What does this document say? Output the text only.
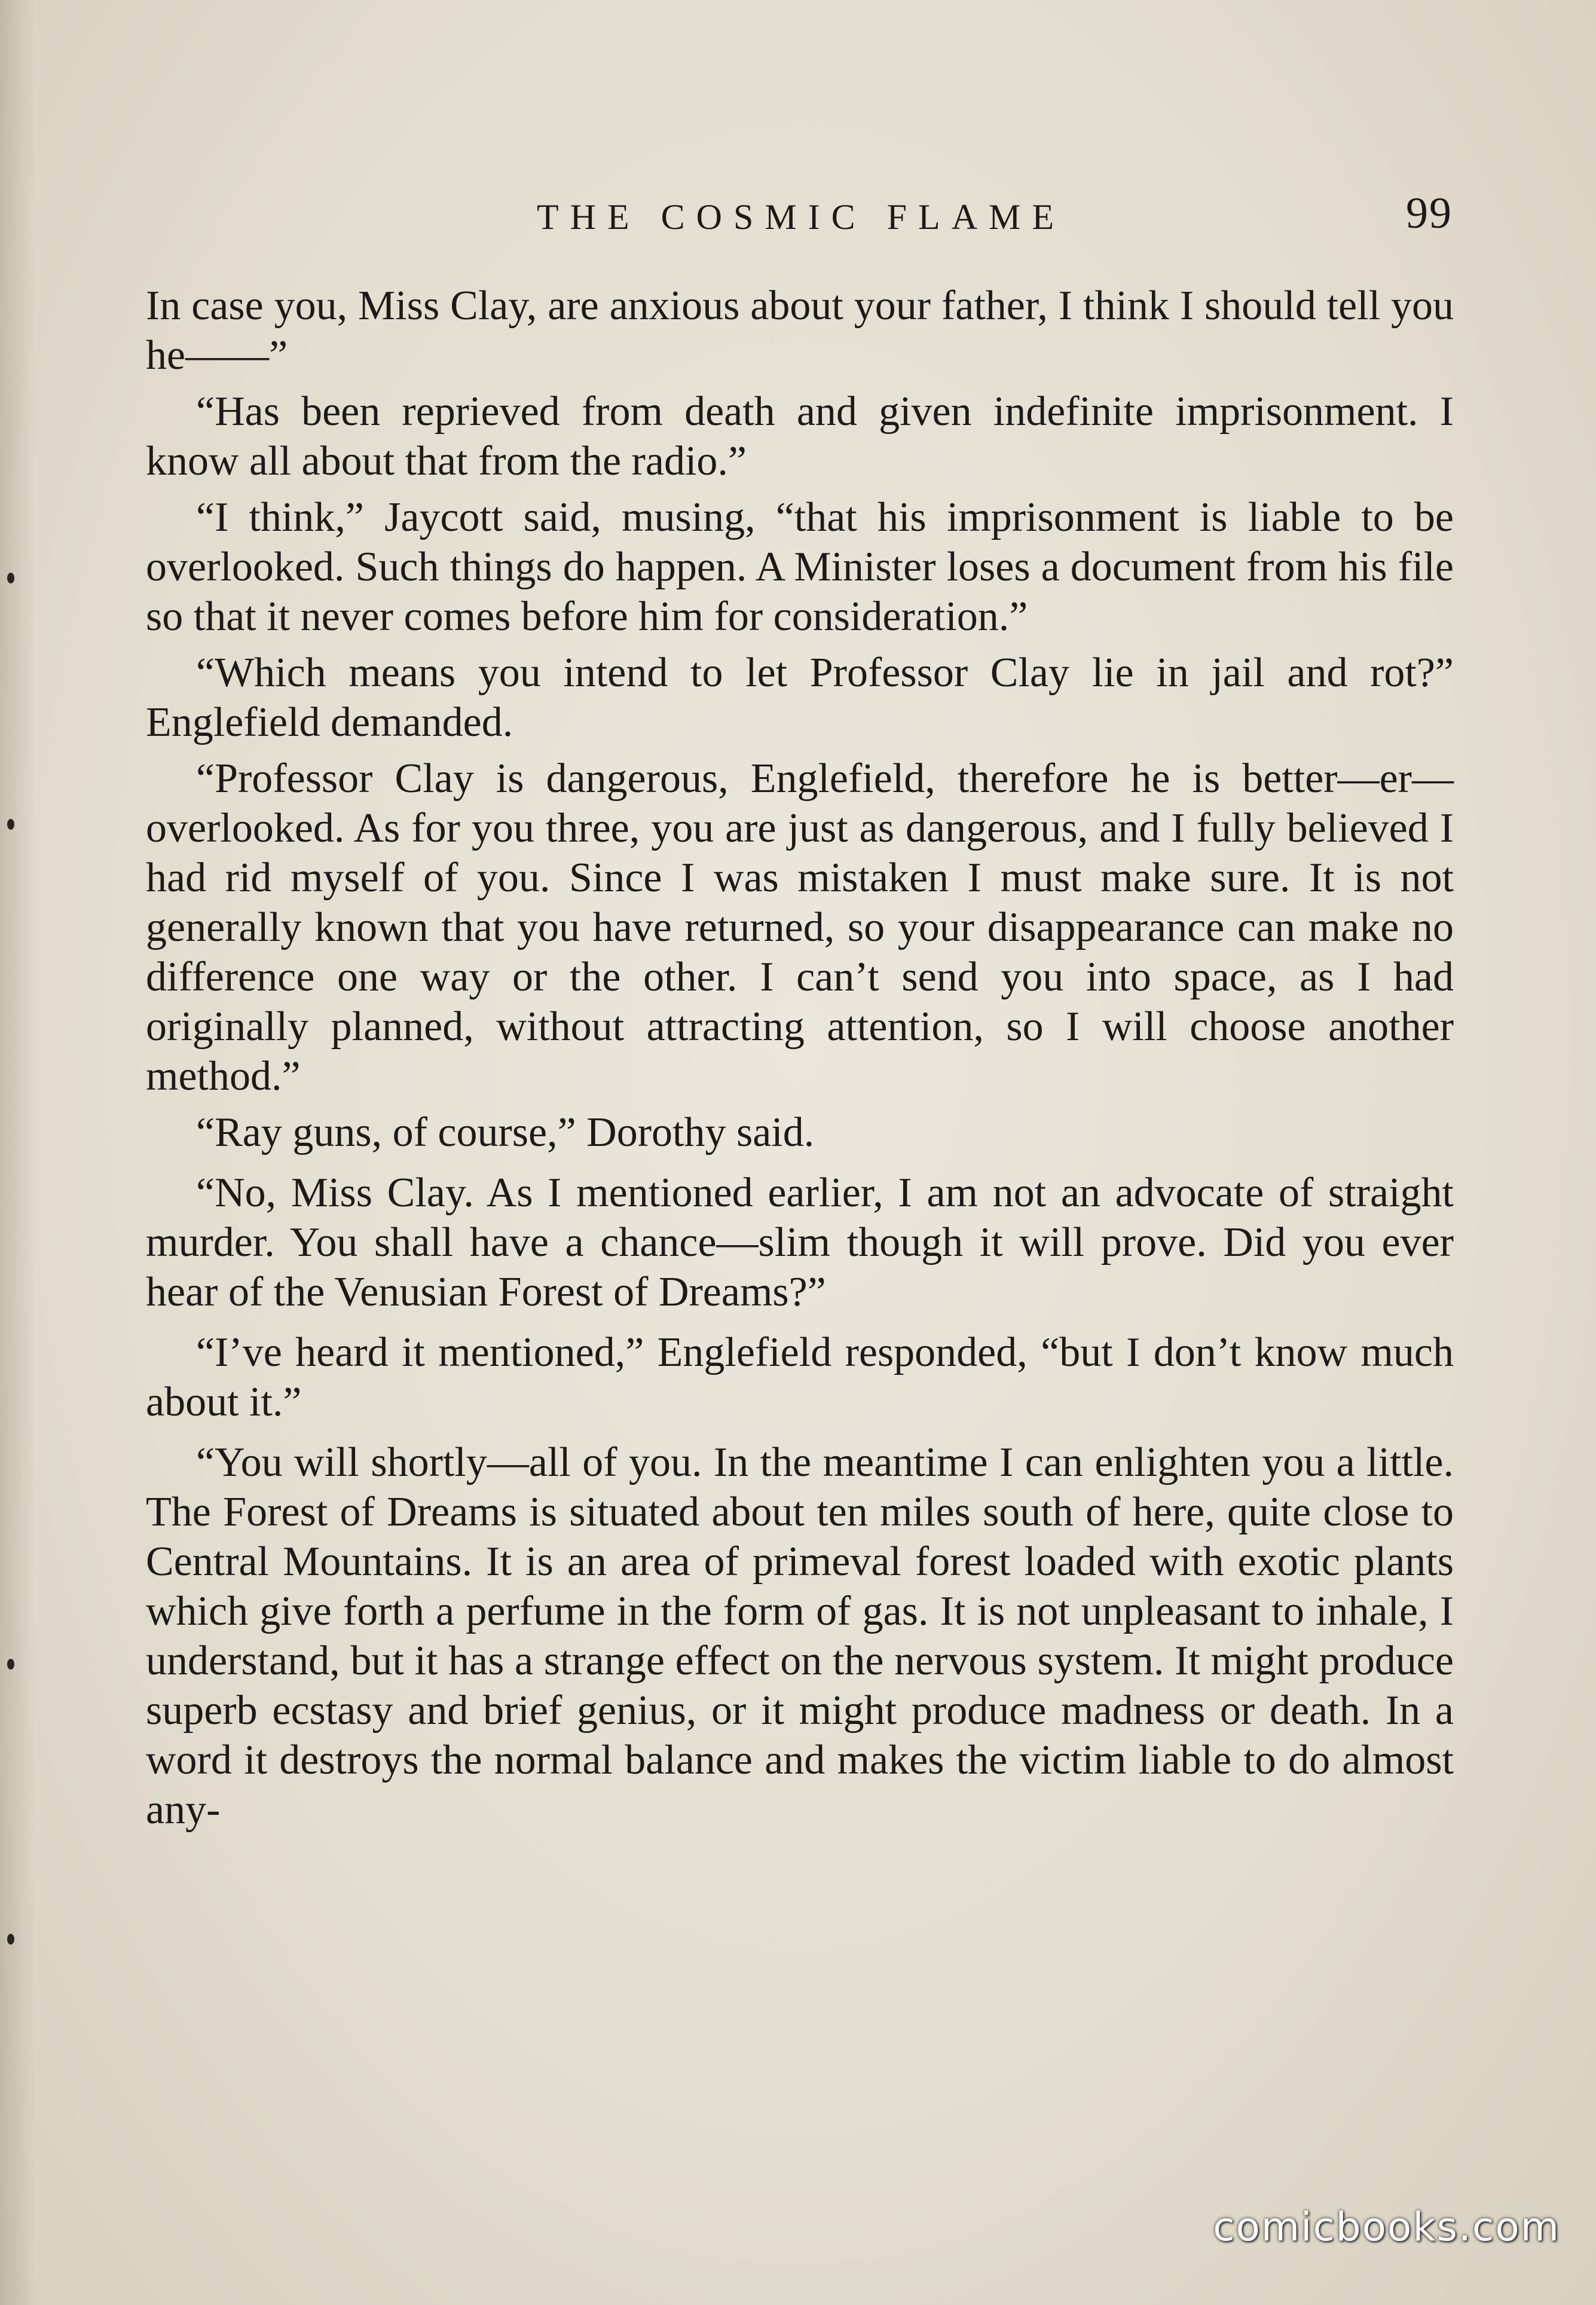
THE COSMIC FLAME	99

In case you, Miss Clay, are anxious about your father, I think I should tell you he——”

“Has been reprieved from death and given indefinite imprisonment. I know all about that from the radio.”

“I think,” Jaycott said, musing, “that his imprisonment is liable to be overlooked. Such things do happen. A Minister loses a document from his file so that it never comes before him for consideration.”

“Which means you intend to let Professor Clay lie in jail and rot?” Englefield demanded.

“Professor Clay is dangerous, Englefield, therefore he is better—er—overlooked. As for you three, you are just as dangerous, and I fully believed I had rid myself of you. Since I was mistaken I must make sure. It is not generally known that you have returned, so your disappearance can make no difference one way or the other. I can’t send you into space, as I had originally planned, without attracting attention, so I will choose another method.”

“Ray guns, of course,” Dorothy said.

“No, Miss Clay. As I mentioned earlier, I am not an advocate of straight murder. You shall have a chance—slim though it will prove. Did you ever hear of the Venusian Forest of Dreams?”

“I’ve heard it mentioned,” Englefield responded, “but I don’t know much about it.”

“You will shortly—all of you. In the meantime I can enlighten you a little. The Forest of Dreams is situated about ten miles south of here, quite close to Central Mountains. It is an area of primeval forest loaded with exotic plants which give forth a perfume in the form of gas. It is not unpleasant to inhale, I understand, but it has a strange effect on the nervous system. It might produce superb ecstasy and brief genius, or it might produce madness or death. In a word it destroys the normal balance and makes the victim liable to do almost any-

comicbooks.com
